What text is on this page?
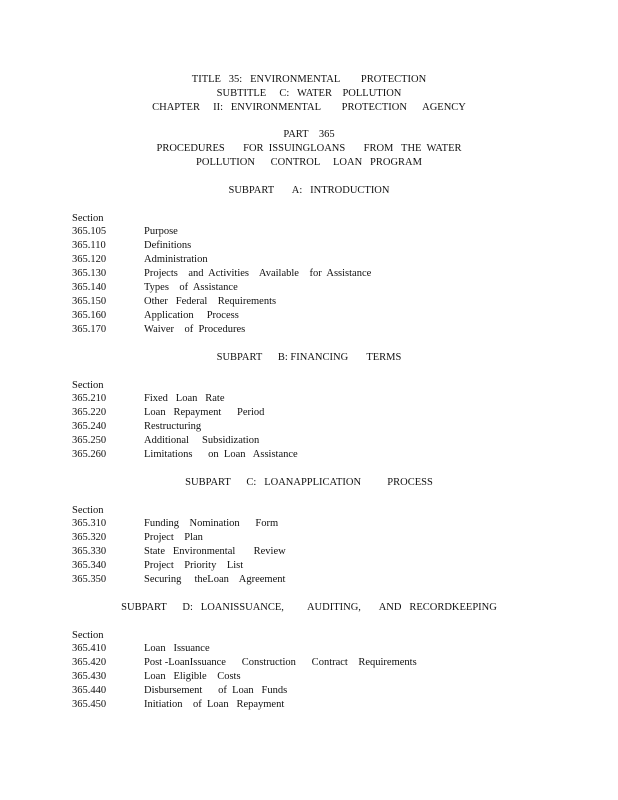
TITLE   35:   ENVIRONMENTAL        PROTECTION
SUBTITLE     C:   WATER    POLLUTION
CHAPTER     II:   ENVIRONMENTAL        PROTECTION      AGENCY
PART    365
PROCEDURES       FOR  ISSUINGLOANS       FROM   THE  WATER
POLLUTION      CONTROL     LOAN   PROGRAM
SUBPART       A:   INTRODUCTION
Section
365.105	Purpose
365.110	Definitions
365.120	Administration
365.130	Projects    and  Activities    Available    for  Assistance
365.140	Types    of  Assistance
365.150	Other   Federal    Requirements
365.160	Application     Process
365.170	Waiver    of  Procedures
SUBPART      B: FINANCING       TERMS
Section
365.210	Fixed   Loan   Rate
365.220	Loan   Repayment      Period
365.240	Restructuring
365.250	Additional     Subsidization
365.260	Limitations      on  Loan   Assistance
SUBPART      C:   LOANAPPLICATION          PROCESS
Section
365.310	Funding    Nomination      Form
365.320	Project    Plan
365.330	State   Environmental       Review
365.340	Project    Priority    List
365.350	Securing     theLoan    Agreement
SUBPART      D:   LOANISSUANCE,         AUDITING,       AND   RECORDKEEPING
Section
365.410	Loan   Issuance
365.420	Post -LoanIssuance      Construction      Contract    Requirements
365.430	Loan   Eligible    Costs
365.440	Disbursement      of  Loan   Funds
365.450	Initiation    of  Loan   Repayment
